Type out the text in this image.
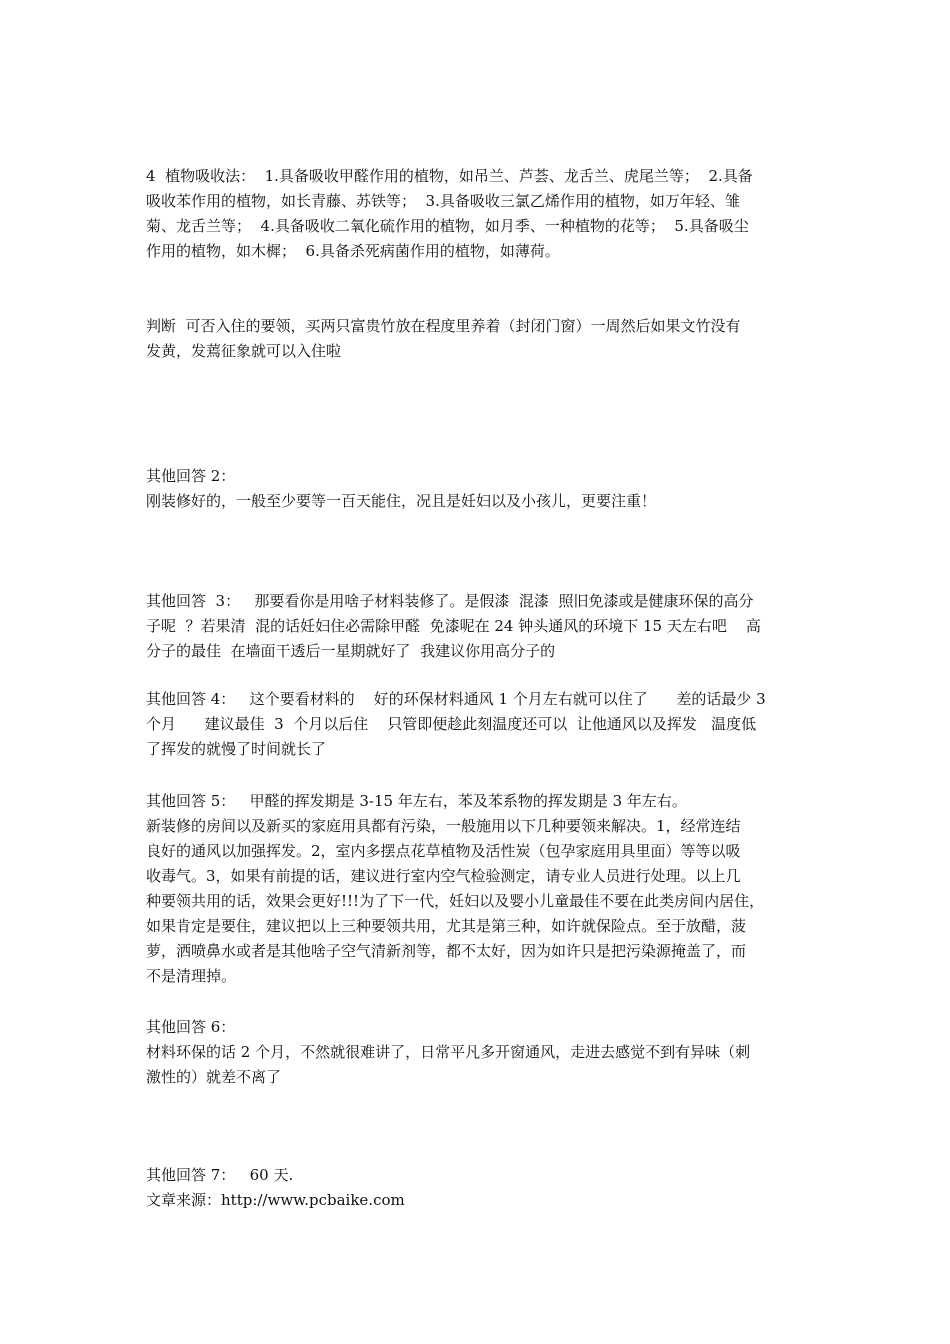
4  植物吸收法：  1.具备吸收甲醛作用的植物，如吊兰、芦荟、龙舌兰、虎尾兰等；  2.具备
吸收苯作用的植物，如长青藤、苏铁等；  3.具备吸收三氯乙烯作用的植物，如万年轻、雏
菊、龙舌兰等；  4.具备吸收二氧化硫作用的植物，如月季、一种植物的花等；  5.具备吸尘
作用的植物，如木樨；  6.具备杀死病菌作用的植物，如薄荷。

判断  可否入住的要领，买两只富贵竹放在程度里养着（封闭门窗）一周然后如果文竹没有
发黄，发蔫征象就可以入住啦

其他回答 2：
刚装修好的，一般至少要等一百天能住，况且是妊妇以及小孩儿，更要注重！

其他回答  3：   那要看你是用啥子材料装修了。是假漆  混漆  照旧免漆或是健康环保的高分
子呢  ？若果清  混的话妊妇住必需除甲醛  免漆呢在 24 钟头通风的环境下 15 天左右吧    高
分子的最佳  在墙面干透后一星期就好了  我建议你用高分子的

其他回答 4：   这个要看材料的    好的环保材料通风 1 个月左右就可以住了      差的话最少 3
个月      建议最佳  3  个月以后住    只管即便趁此刻温度还可以  让他通风以及挥发   温度低
了挥发的就慢了时间就长了

其他回答 5：   甲醛的挥发期是 3-15 年左右，苯及苯系物的挥发期是 3 年左右。
新装修的房间以及新买的家庭用具都有污染，一般施用以下几种要领来解决。1，经常连结
良好的通风以加强挥发。2，室内多摆点花草植物及活性炭（包孕家庭用具里面）等等以吸
收毒气。3，如果有前提的话，建议进行室内空气检验测定，请专业人员进行处理。以上几
种要领共用的话，效果会更好!!!为了下一代，妊妇以及婴小儿童最佳不要在此类房间内居住，
如果肯定是要住，建议把以上三种要领共用，尤其是第三种，如许就保险点。至于放醋，菠
萝，洒喷鼻水或者是其他啥子空气清新剂等，都不太好，因为如许只是把污染源掩盖了，而
不是清理掉。

其他回答 6：
材料环保的话 2 个月，不然就很难讲了，日常平凡多开窗通风，走进去感觉不到有异味（刺
激性的）就差不离了

其他回答 7：   60 天.
文章来源：http://www.pcbaike.com
